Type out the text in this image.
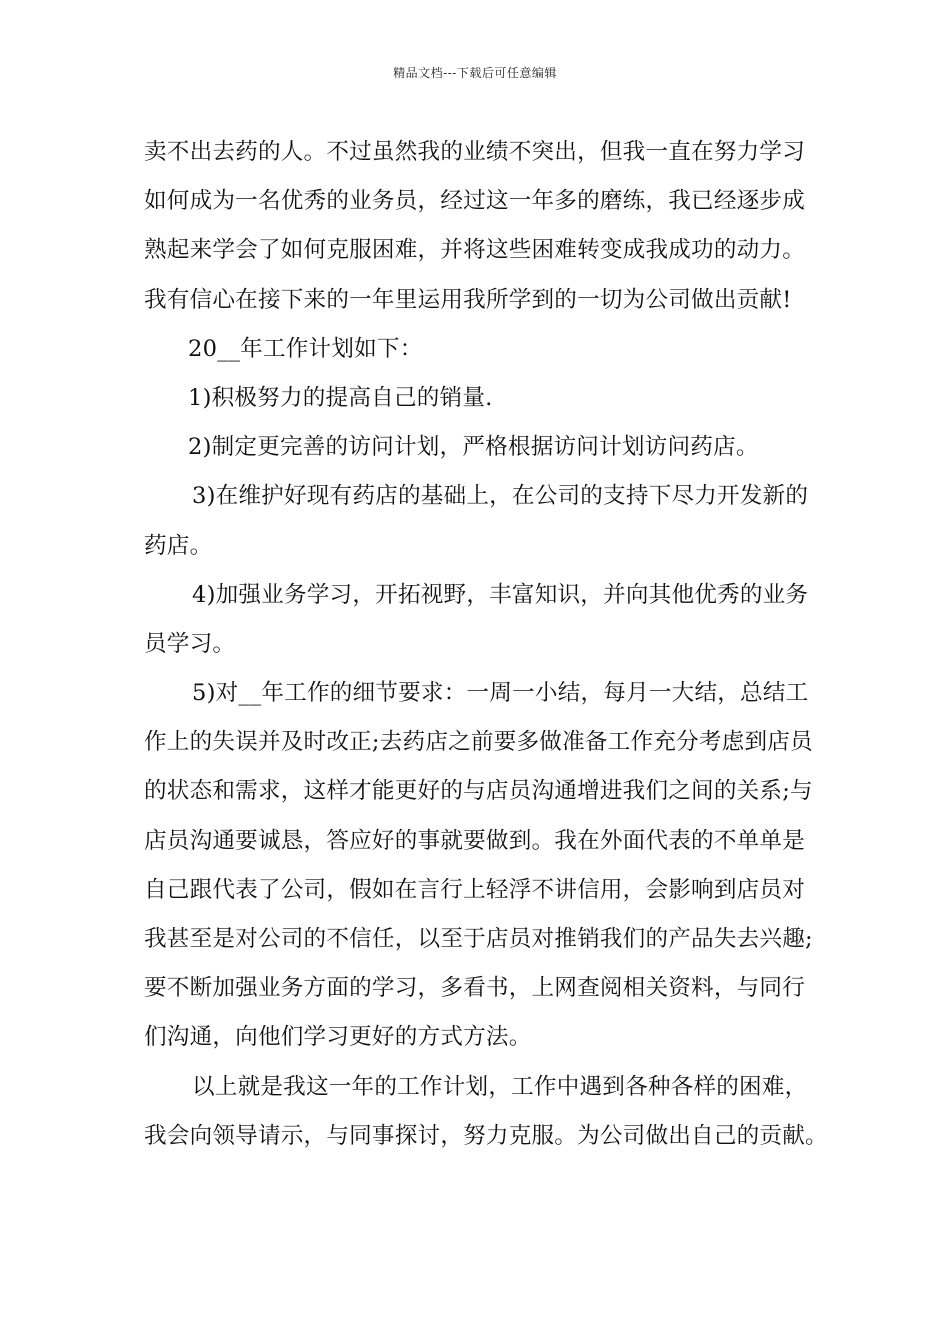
精品文档---下载后可任意编辑
卖不出去药的人。不过虽然我的业绩不突出，但我一直在努力学习
如何成为一名优秀的业务员，经过这一年多的磨练，我已经逐步成
熟起来学会了如何克服困难，并将这些困难转变成我成功的动力。
我有信心在接下来的一年里运用我所学到的一切为公司做出贡献!
20__年工作计划如下：
1)积极努力的提高自己的销量.
2)制定更完善的访问计划，严格根据访问计划访问药店。
3)在维护好现有药店的基础上，在公司的支持下尽力开发新的
药店。
4)加强业务学习，开拓视野，丰富知识，并向其他优秀的业务
员学习。
5)对__年工作的细节要求：一周一小结，每月一大结，总结工
作上的失误并及时改正;去药店之前要多做准备工作充分考虑到店员
的状态和需求，这样才能更好的与店员沟通增进我们之间的关系;与
店员沟通要诚恳，答应好的事就要做到。我在外面代表的不单单是
自己跟代表了公司，假如在言行上轻浮不讲信用，会影响到店员对
我甚至是对公司的不信任，以至于店员对推销我们的产品失去兴趣;
要不断加强业务方面的学习，多看书，上网查阅相关资料，与同行
们沟通，向他们学习更好的方式方法。
以上就是我这一年的工作计划，工作中遇到各种各样的困难，
我会向领导请示，与同事探讨，努力克服。为公司做出自己的贡献。
